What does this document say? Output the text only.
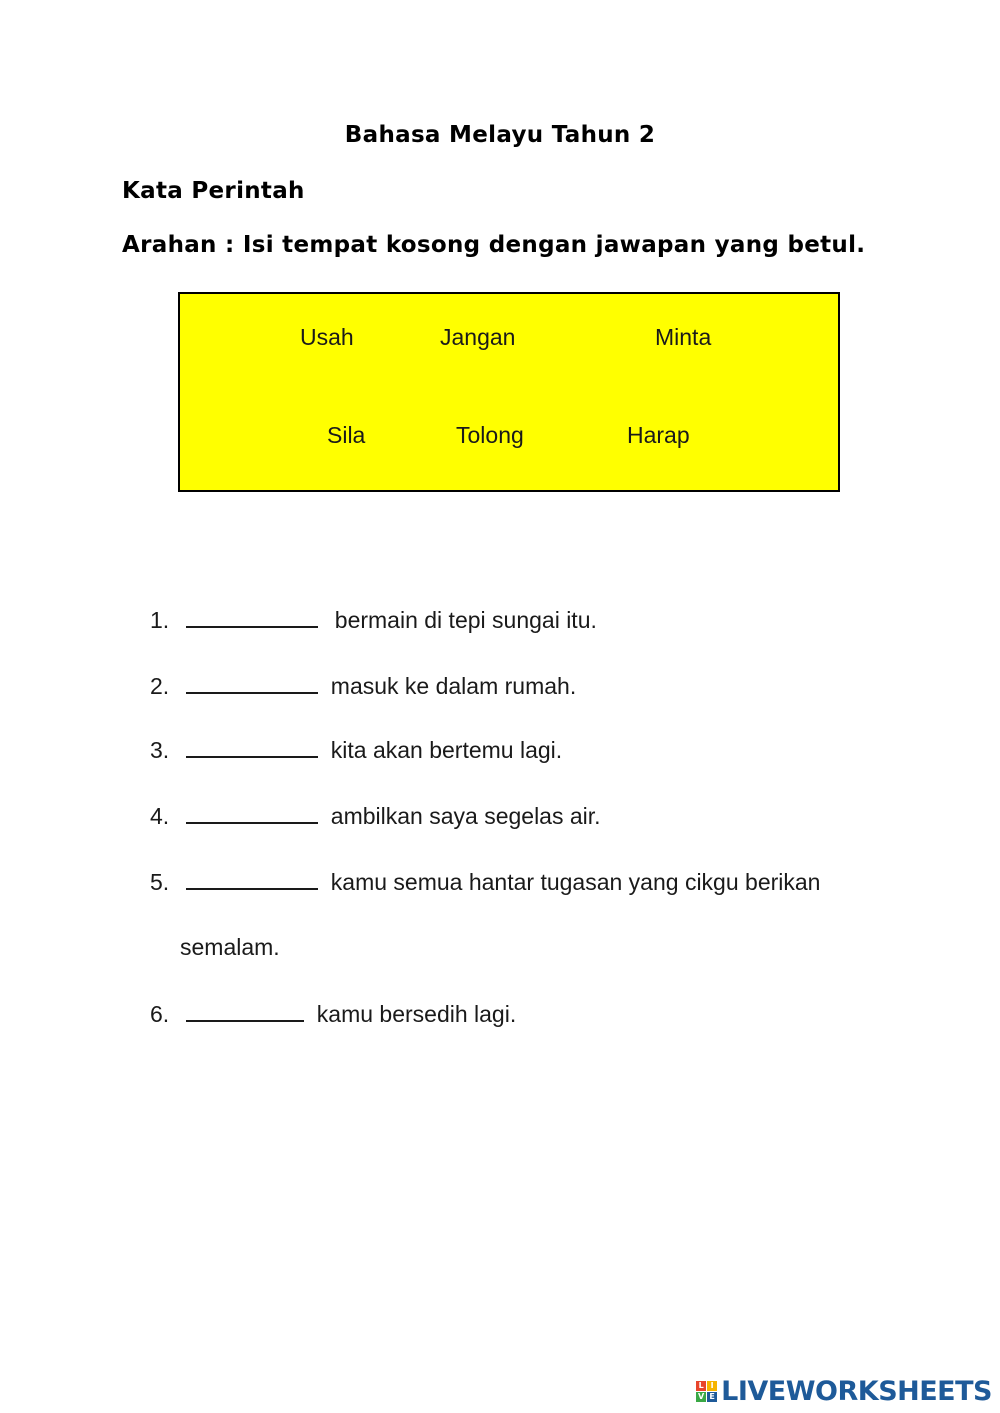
Bahasa Melayu Tahun 2
Kata Perintah
Arahan : Isi tempat kosong dengan jawapan yang betul.
Usah	Jangan	Minta
Sila	Tolong	Harap
1.	bermain di tepi sungai itu.
2.	masuk ke dalam rumah.
3.	kita akan bertemu lagi.
4.	ambilkan saya segelas air.
5.	kamu semua hantar tugasan yang cikgu berikan
semalam.
6.	kamu bersedih lagi.
L I
V E LIVEWORKSHEETS
